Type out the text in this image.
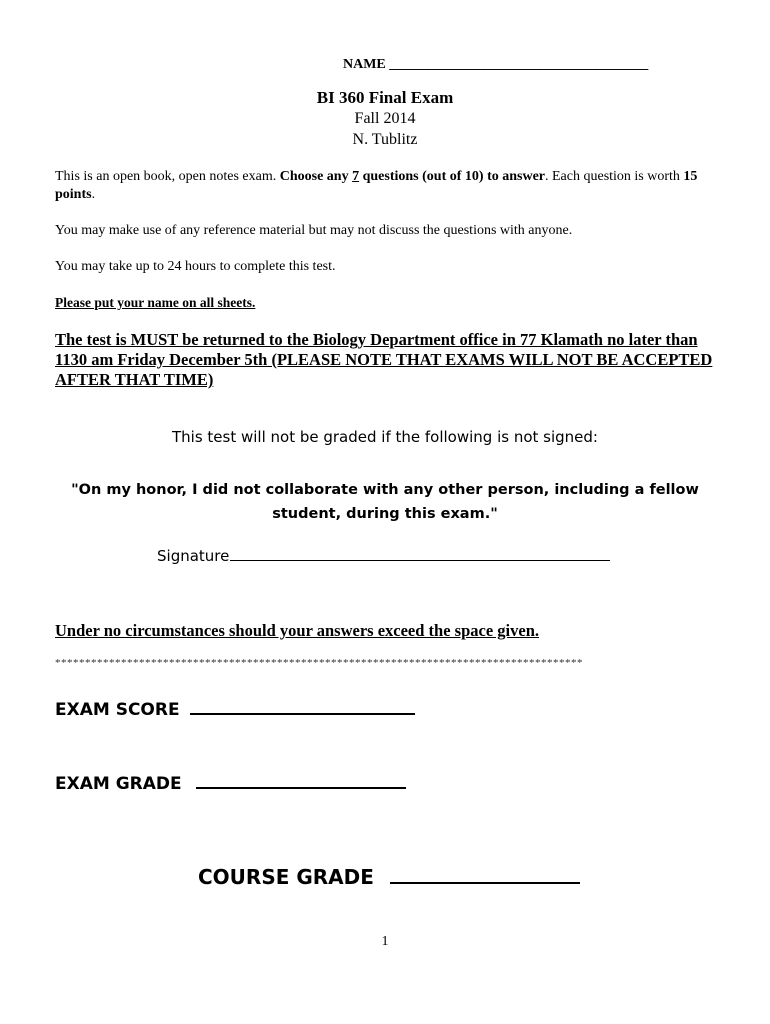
NAME _____________________________________
BI 360 Final Exam
Fall 2014
N. Tublitz
This is an open book, open notes exam. Choose any 7 questions (out of 10) to answer. Each question is worth 15 points.
You may make use of any reference material but may not discuss the questions with anyone.
You may take up to 24 hours to complete this test.
Please put your name on all sheets.
The test is MUST be returned to the Biology Department office in 77 Klamath no later than 1130 am Friday December 5th (PLEASE NOTE THAT EXAMS WILL NOT BE ACCEPTED AFTER THAT TIME)
This test will not be graded if the following is not signed:
"On my honor, I did not collaborate with any other person, including a fellow student, during this exam."
Signature
Under no circumstances should your answers exceed the space given.
****************************************************************************************
EXAM SCORE
EXAM GRADE
COURSE GRADE
1
